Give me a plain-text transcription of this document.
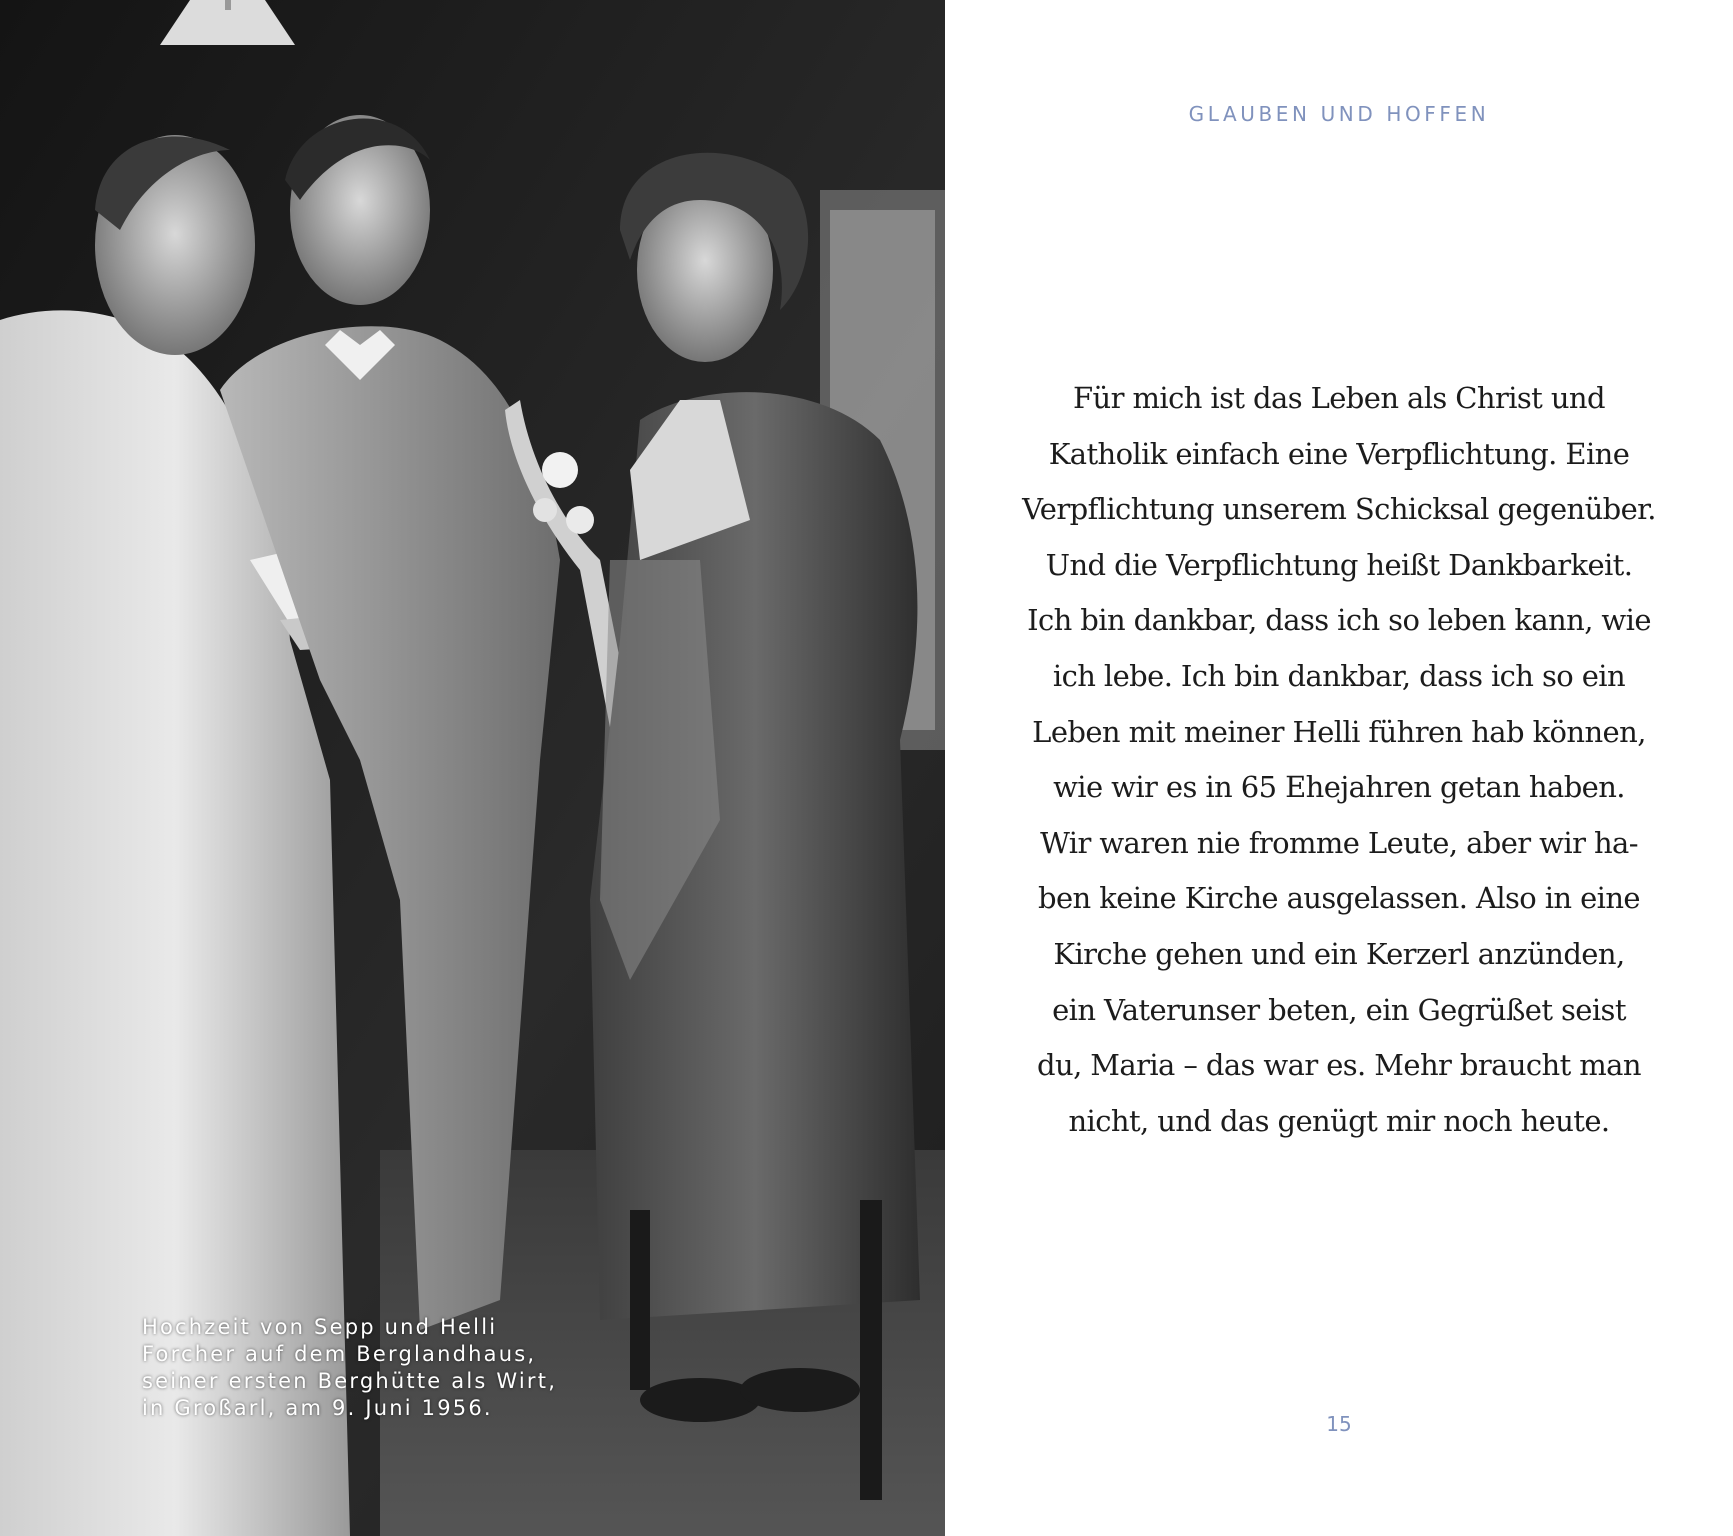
Hochzeit von Sepp und Helli
Forcher auf dem Berglandhaus,
seiner ersten Berghütte als Wirt,
in Großarl, am 9. Juni 1956.
GLAUBEN UND HOFFEN
Für mich ist das Leben als Christ und
Katholik einfach eine Verpflichtung. Eine
Verpflichtung unserem Schicksal gegenüber.
Und die Verpflichtung heißt Dankbarkeit.
Ich bin dankbar, dass ich so leben kann, wie
ich lebe. Ich bin dankbar, dass ich so ein
Leben mit meiner Helli führen hab können,
wie wir es in 65 Ehejahren getan haben.
Wir waren nie fromme Leute, aber wir ha-
ben keine Kirche ausgelassen. Also in eine
Kirche gehen und ein Kerzerl anzünden,
ein Vaterunser beten, ein Gegrüßet seist
du, Maria – das war es. Mehr braucht man
nicht, und das genügt mir noch heute.
15
